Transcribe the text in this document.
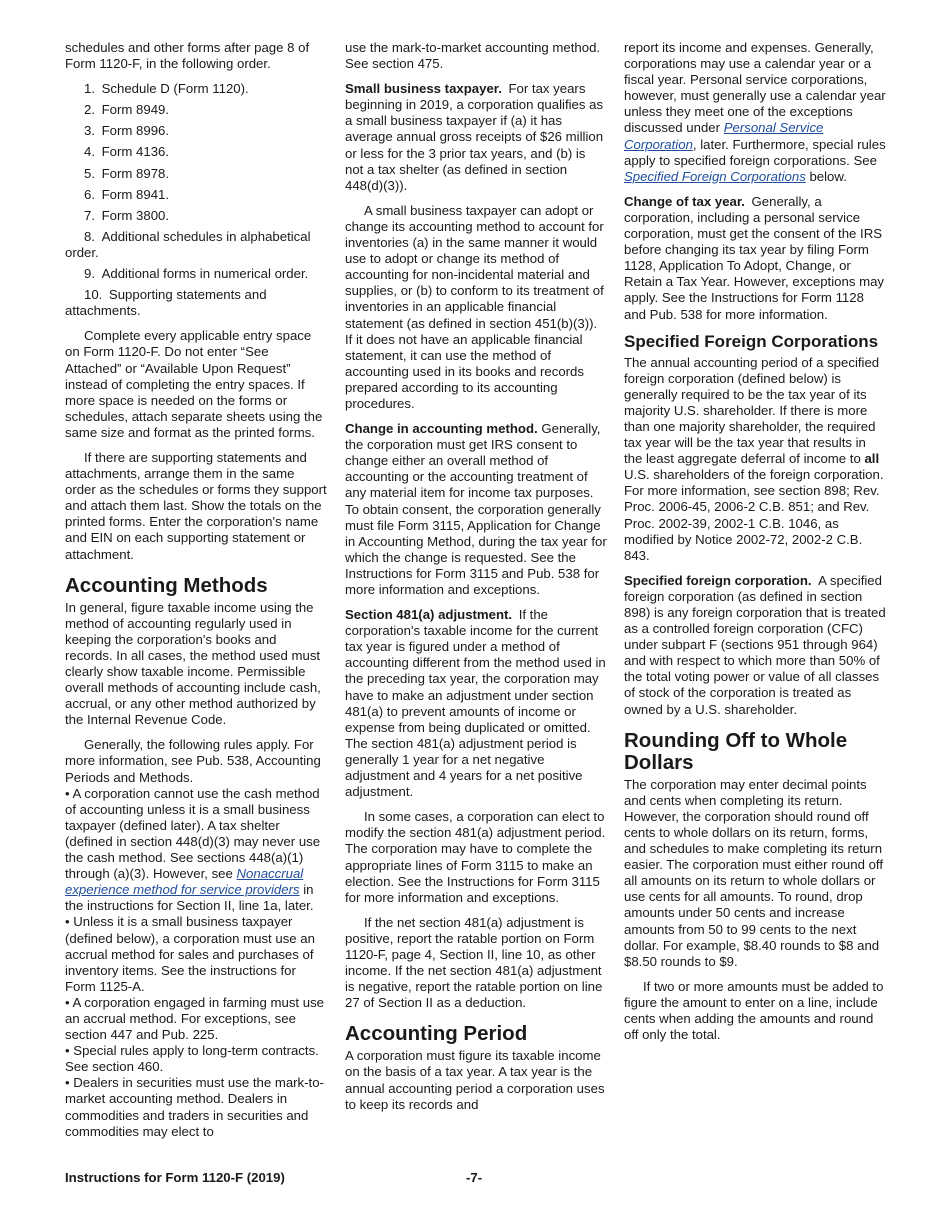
schedules and other forms after page 8 of Form 1120-F, in the following order.

1. Schedule D (Form 1120).

2. Form 8949.

3. Form 8996.

4. Form 4136.

5. Form 8978.

6. Form 8941.

7. Form 3800.

8. Additional schedules in alphabetical order.

9. Additional forms in numerical order.

10. Supporting statements and attachments.

Complete every applicable entry space on Form 1120-F. Do not enter “See Attached” or “Available Upon Request” instead of completing the entry spaces. If more space is needed on the forms or schedules, attach separate sheets using the same size and format as the printed forms.

If there are supporting statements and attachments, arrange them in the same order as the schedules or forms they support and attach them last. Show the totals on the printed forms. Enter the corporation's name and EIN on each supporting statement or attachment.

Accounting Methods

In general, figure taxable income using the method of accounting regularly used in keeping the corporation's books and records. In all cases, the method used must clearly show taxable income. Permissible overall methods of accounting include cash, accrual, or any other method authorized by the Internal Revenue Code.

Generally, the following rules apply. For more information, see Pub. 538, Accounting Periods and Methods.

• A corporation cannot use the cash method of accounting unless it is a small business taxpayer (defined later). A tax shelter (defined in section 448(d)(3) may never use the cash method. See sections 448(a)(1) through (a)(3). However, see Nonaccrual experience method for service providers in the instructions for Section II, line 1a, later.

• Unless it is a small business taxpayer (defined below), a corporation must use an accrual method for sales and purchases of inventory items. See the instructions for Form 1125-A.

• A corporation engaged in farming must use an accrual method. For exceptions, see section 447 and Pub. 225.

• Special rules apply to long-term contracts. See section 460.

• Dealers in securities must use the mark-to-market accounting method. Dealers in commodities and traders in securities and commodities may elect to

use the mark-to-market accounting method. See section 475.

Small business taxpayer. For tax years beginning in 2019, a corporation qualifies as a small business taxpayer if (a) it has average annual gross receipts of $26 million or less for the 3 prior tax years, and (b) is not a tax shelter (as defined in section 448(d)(3)).

A small business taxpayer can adopt or change its accounting method to account for inventories (a) in the same manner it would use to adopt or change its method of accounting for non-incidental material and supplies, or (b) to conform to its treatment of inventories in an applicable financial statement (as defined in section 451(b)(3)). If it does not have an applicable financial statement, it can use the method of accounting used in its books and records prepared according to its accounting procedures.

Change in accounting method. Generally, the corporation must get IRS consent to change either an overall method of accounting or the accounting treatment of any material item for income tax purposes. To obtain consent, the corporation generally must file Form 3115, Application for Change in Accounting Method, during the tax year for which the change is requested. See the Instructions for Form 3115 and Pub. 538 for more information and exceptions.

Section 481(a) adjustment. If the corporation's taxable income for the current tax year is figured under a method of accounting different from the method used in the preceding tax year, the corporation may have to make an adjustment under section 481(a) to prevent amounts of income or expense from being duplicated or omitted. The section 481(a) adjustment period is generally 1 year for a net negative adjustment and 4 years for a net positive adjustment.

In some cases, a corporation can elect to modify the section 481(a) adjustment period. The corporation may have to complete the appropriate lines of Form 3115 to make an election. See the Instructions for Form 3115 for more information and exceptions.

If the net section 481(a) adjustment is positive, report the ratable portion on Form 1120-F, page 4, Section II, line 10, as other income. If the net section 481(a) adjustment is negative, report the ratable portion on line 27 of Section II as a deduction.

Accounting Period

A corporation must figure its taxable income on the basis of a tax year. A tax year is the annual accounting period a corporation uses to keep its records and

report its income and expenses. Generally, corporations may use a calendar year or a fiscal year. Personal service corporations, however, must generally use a calendar year unless they meet one of the exceptions discussed under Personal Service Corporation, later. Furthermore, special rules apply to specified foreign corporations. See Specified Foreign Corporations below.

Change of tax year. Generally, a corporation, including a personal service corporation, must get the consent of the IRS before changing its tax year by filing Form 1128, Application To Adopt, Change, or Retain a Tax Year. However, exceptions may apply. See the Instructions for Form 1128 and Pub. 538 for more information.

Specified Foreign Corporations

The annual accounting period of a specified foreign corporation (defined below) is generally required to be the tax year of its majority U.S. shareholder. If there is more than one majority shareholder, the required tax year will be the tax year that results in the least aggregate deferral of income to all U.S. shareholders of the foreign corporation. For more information, see section 898; Rev. Proc. 2006-45, 2006-2 C.B. 851; and Rev. Proc. 2002-39, 2002-1 C.B. 1046, as modified by Notice 2002-72, 2002-2 C.B. 843.

Specified foreign corporation. A specified foreign corporation (as defined in section 898) is any foreign corporation that is treated as a controlled foreign corporation (CFC) under subpart F (sections 951 through 964) and with respect to which more than 50% of the total voting power or value of all classes of stock of the corporation is treated as owned by a U.S. shareholder.

Rounding Off to Whole Dollars

The corporation may enter decimal points and cents when completing its return. However, the corporation should round off cents to whole dollars on its return, forms, and schedules to make completing its return easier. The corporation must either round off all amounts on its return to whole dollars or use cents for all amounts. To round, drop amounts under 50 cents and increase amounts from 50 to 99 cents to the next dollar. For example, $8.40 rounds to $8 and $8.50 rounds to $9.

If two or more amounts must be added to figure the amount to enter on a line, include cents when adding the amounts and round off only the total.

Instructions for Form 1120-F (2019)	-7-
